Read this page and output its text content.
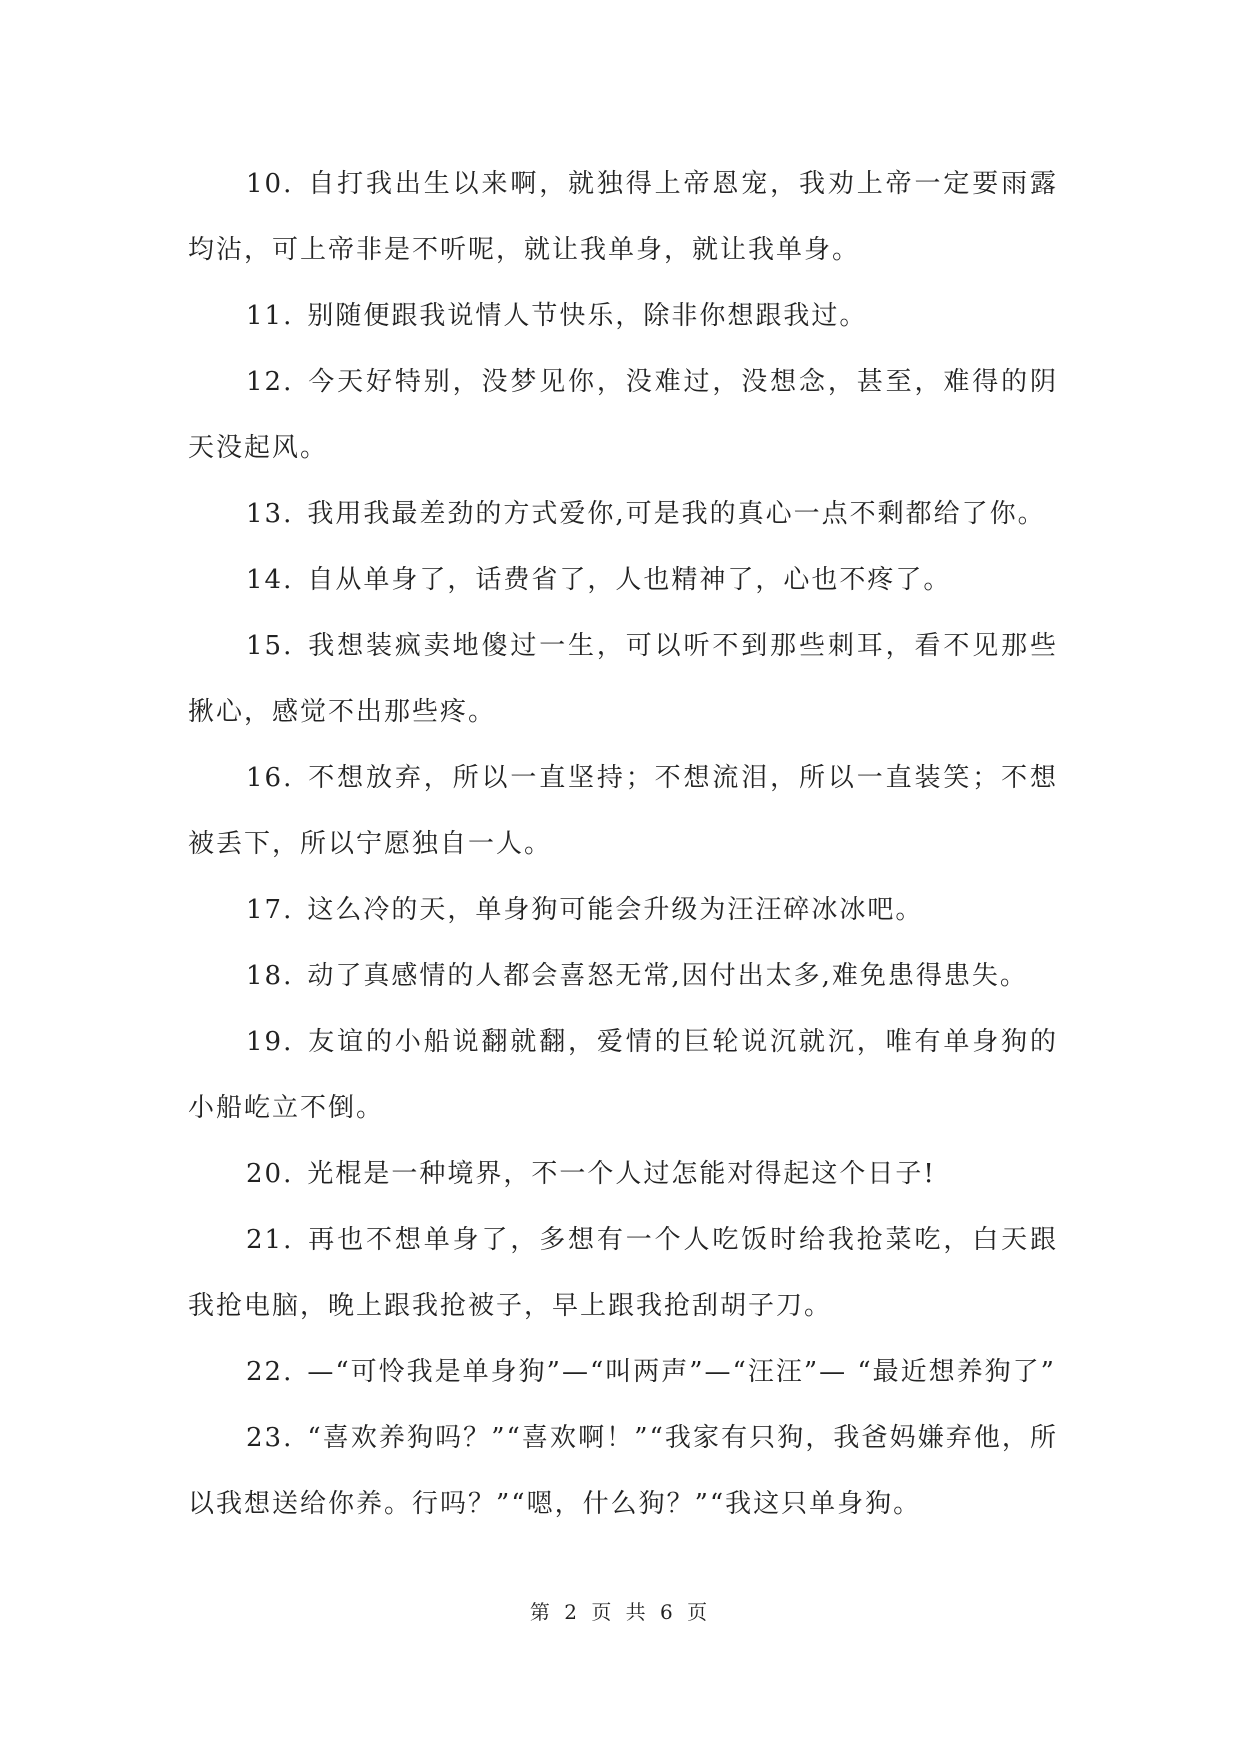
10. 自打我出生以来啊，就独得上帝恩宠，我劝上帝一定要雨露均沾，可上帝非是不听呢，就让我单身，就让我单身。

11. 别随便跟我说情人节快乐，除非你想跟我过。

12. 今天好特别，没梦见你，没难过，没想念，甚至，难得的阴天没起风。

13. 我用我最差劲的方式爱你,可是我的真心一点不剩都给了你。

14. 自从单身了，话费省了，人也精神了，心也不疼了。

15. 我想装疯卖地傻过一生，可以听不到那些刺耳，看不见那些揪心，感觉不出那些疼。

16. 不想放弃，所以一直坚持；不想流泪，所以一直装笑；不想被丢下，所以宁愿独自一人。

17. 这么冷的天，单身狗可能会升级为汪汪碎冰冰吧。

18. 动了真感情的人都会喜怒无常,因付出太多,难免患得患失。

19. 友谊的小船说翻就翻，爱情的巨轮说沉就沉，唯有单身狗的小船屹立不倒。

20. 光棍是一种境界，不一个人过怎能对得起这个日子!

21. 再也不想单身了，多想有一个人吃饭时给我抢菜吃，白天跟我抢电脑，晚上跟我抢被子，早上跟我抢刮胡子刀。

22. —“可怜我是单身狗”—“叫两声”—“汪汪”— “最近想养狗了”

23. “喜欢养狗吗？”“喜欢啊！”“我家有只狗，我爸妈嫌弃他，所以我想送给你养。行吗？”“嗯，什么狗？”“我这只单身狗。

第 2 页 共 6 页
